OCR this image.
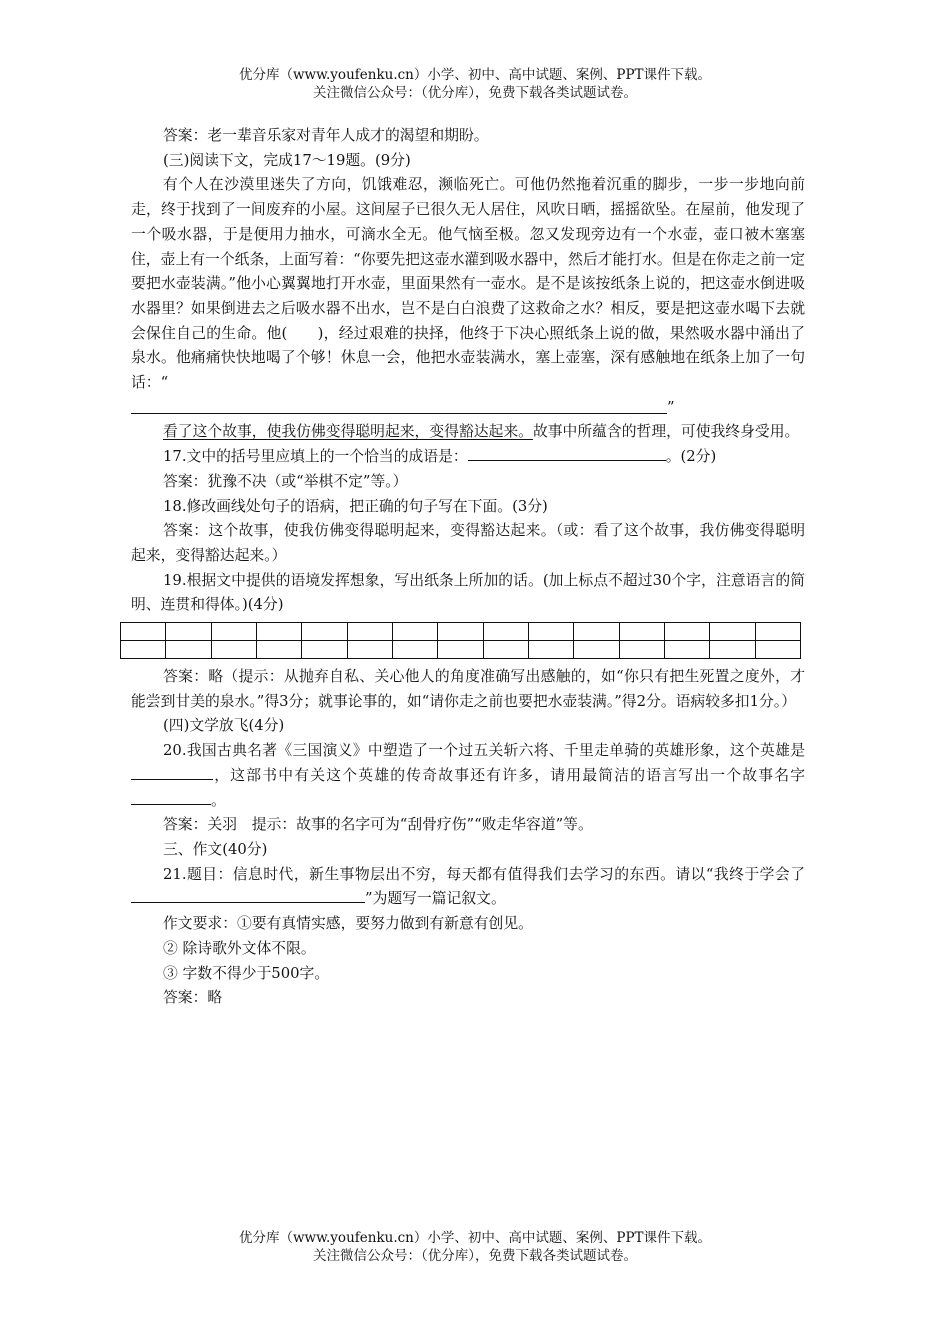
优分库（www.youfenku.cn）小学、初中、高中试题、案例、PPT课件下载。
关注微信公众号：（优分库），免费下载各类试题试卷。

答案：老一辈音乐家对青年人成才的渴望和期盼。

(三)阅读下文，完成17～19题。(9分)

有个人在沙漠里迷失了方向，饥饿难忍，濒临死亡。可他仍然拖着沉重的脚步，一步一步地向前走，终于找到了一间废弃的小屋。这间屋子已很久无人居住，风吹日晒，摇摇欲坠。在屋前，他发现了一个吸水器，于是便用力抽水，可滴水全无。他气恼至极。忽又发现旁边有一个水壶，壶口被木塞塞住，壶上有一个纸条，上面写着：“你要先把这壶水灌到吸水器中，然后才能打水。但是在你走之前一定要把水壶装满。”他小心翼翼地打开水壶，里面果然有一壶水。是不是该按纸条上说的，把这壶水倒进吸水器里？如果倒进去之后吸水器不出水，岂不是白白浪费了这救命之水？相反，要是把这壶水喝下去就会保住自己的生命。他(　　)，经过艰难的抉择，他终于下决心照纸条上说的做，果然吸水器中涌出了泉水。他痛痛快快地喝了个够！休息一会，他把水壶装满水，塞上壶塞，深有感触地在纸条上加了一句话：“

”

看了这个故事，使我仿佛变得聪明起来，变得豁达起来。故事中所蕴含的哲理，可使我终身受用。

17.文中的括号里应填上的一个恰当的成语是：	。(2分)

答案：犹豫不决（或“举棋不定”等。）

18.修改画线处句子的语病，把正确的句子写在下面。(3分)

答案：这个故事，使我仿佛变得聪明起来，变得豁达起来。（或：看了这个故事，我仿佛变得聪明起来，变得豁达起来。）

19.根据文中提供的语境发挥想象，写出纸条上所加的话。(加上标点不超过30个字，注意语言的简明、连贯和得体。)(4分)

答案：略（提示：从抛弃自私、关心他人的角度准确写出感触的，如“你只有把生死置之度外，才能尝到甘美的泉水。”得3分；就事论事的，如“请你走之前也要把水壶装满。”得2分。语病较多扣1分。）

(四)文学放飞(4分)

20.我国古典名著《三国演义》中塑造了一个过五关斩六将、千里走单骑的英雄形象，这个英雄是，这部书中有关这个英雄的传奇故事还有许多，请用最简洁的语言写出一个故事名字。

答案：关羽　提示：故事的名字可为“刮骨疗伤”“败走华容道”等。

三、作文(40分)

21.题目：信息时代，新生事物层出不穷，每天都有值得我们去学习的东西。请以“我终于学会了”为题写一篇记叙文。

作文要求：①要有真情实感，要努力做到有新意有创见。

② 除诗歌外文体不限。

③ 字数不得少于500字。

答案：略

优分库（www.youfenku.cn）小学、初中、高中试题、案例、PPT课件下载。
关注微信公众号：（优分库），免费下载各类试题试卷。
